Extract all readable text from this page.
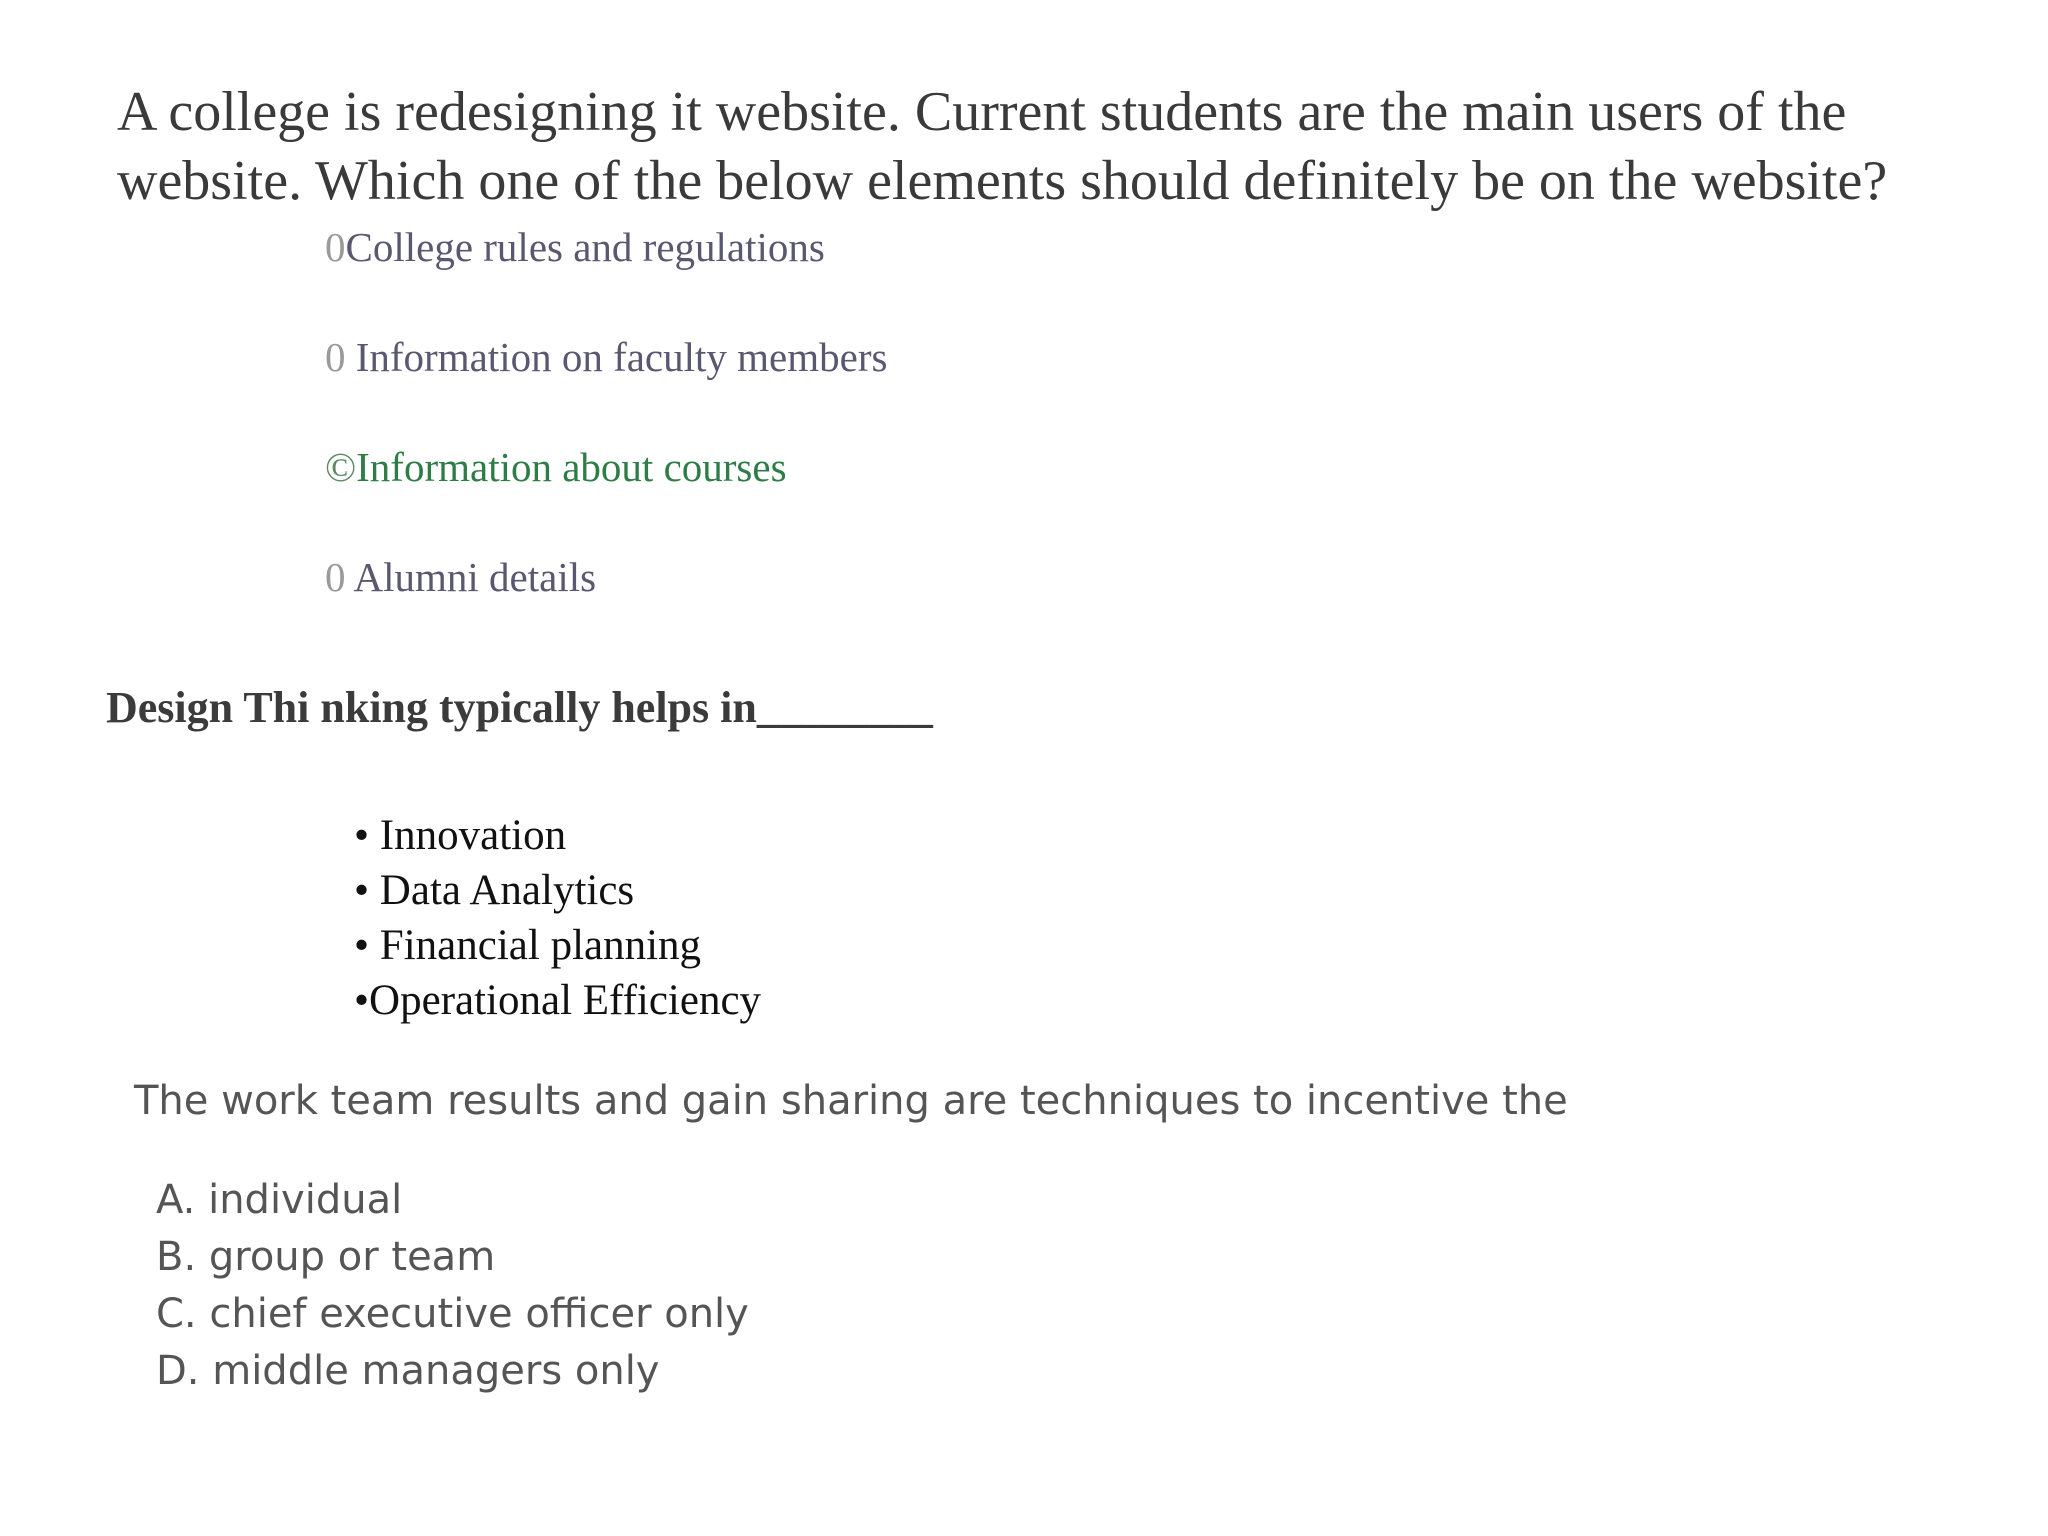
A college is redesigning it website. Current students are the main users of the
website. Which one of the below elements should definitely be on the website?
0College rules and regulations
0 Information on faculty members
©Information about courses
0 Alumni details
Design Thi nking typically helps in________
• Innovation
• Data Analytics
• Financial planning
•Operational Efficiency
The work team results and gain sharing are techniques to incentive the
A. individual
B. group or team
C. chief executive officer only
D. middle managers only
